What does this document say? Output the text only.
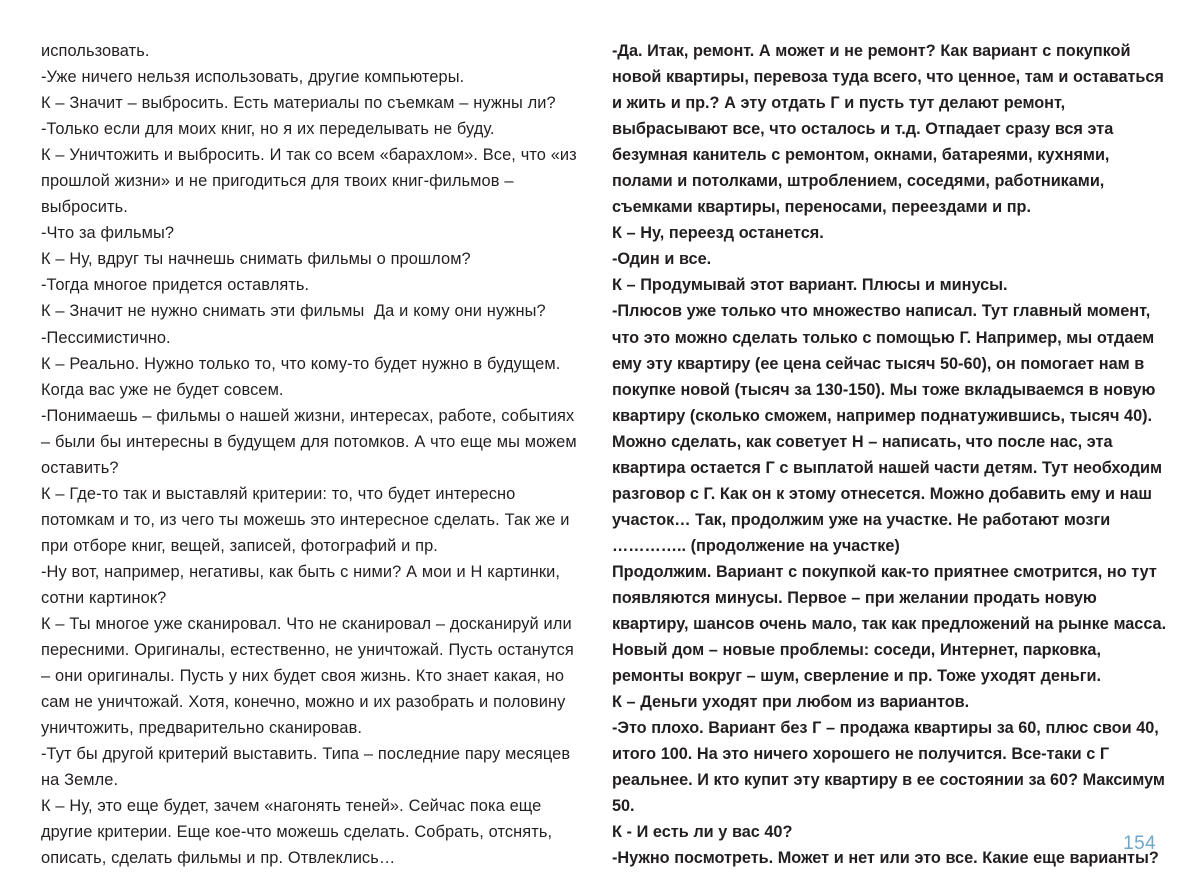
использовать.

-Уже ничего нельзя использовать, другие компьютеры.

К – Значит – выбросить. Есть материалы по съемкам – нужны ли?

-Только если для моих книг, но я их переделывать не буду.

К – Уничтожить и выбросить. И так со всем «барахлом». Все, что «из прошлой жизни» и не пригодиться для твоих книг-фильмов – выбросить.

-Что за фильмы?

К – Ну, вдруг ты начнешь снимать фильмы о прошлом?

-Тогда многое придется оставлять.

К – Значит не нужно снимать эти фильмы  Да и кому они нужны?

-Пессимистично.

К – Реально. Нужно только то, что кому-то будет нужно в будущем. Когда вас уже не будет совсем.

-Понимаешь – фильмы о нашей жизни, интересах, работе, событиях – были бы интересны в будущем для потомков. А что еще мы можем оставить?

К – Где-то так и выставляй критерии: то, что будет интересно потомкам и то, из чего ты можешь это интересное сделать. Так же и при отборе книг, вещей, записей, фотографий и пр.

-Ну вот, например, негативы, как быть с ними? А мои и Н картинки, сотни картинок?

К – Ты многое уже сканировал. Что не сканировал – досканируй или пересними. Оригиналы, естественно, не уничтожай. Пусть останутся – они оригиналы. Пусть у них будет своя жизнь. Кто знает какая, но сам не уничтожай. Хотя, конечно, можно и их разобрать и половину уничтожить, предварительно сканировав.

-Тут бы другой критерий выставить. Типа – последние пару месяцев на Земле.

К – Ну, это еще будет, зачем «нагонять теней». Сейчас пока еще другие критерии. Еще кое-что можешь сделать. Собрать, отснять, описать, сделать фильмы и пр. Отвлеклись…

-Да. Итак, ремонт. А может и не ремонт? Как вариант с покупкой новой квартиры, перевоза туда всего, что ценное, там и оставаться и жить и пр.? А эту отдать Г и пусть тут делают ремонт, выбрасывают все, что осталось и т.д. Отпадает сразу вся эта безумная канитель с ремонтом, окнами, батареями, кухнями, полами и потолками, штроблением, соседями, работниками, съемками квартиры, переносами, переездами и пр.

К – Ну, переезд останется.

-Один и все.

К – Продумывай этот вариант. Плюсы и минусы.

-Плюсов уже только что множество написал. Тут главный момент, что это можно сделать только с помощью Г. Например, мы отдаем ему эту квартиру (ее цена сейчас тысяч 50-60), он помогает нам в покупке новой (тысяч за 130-150). Мы тоже вкладываемся в новую квартиру (сколько сможем, например поднатужившись, тысяч 40). Можно сделать, как советует Н – написать, что после нас, эта квартира остается Г с выплатой нашей части детям. Тут необходим разговор с Г. Как он к этому отнесется. Можно добавить ему и наш участок… Так, продолжим уже на участке. Не работают мозги

………….. (продолжение на участке)

Продолжим. Вариант с покупкой как-то приятнее смотрится, но тут появляются минусы. Первое – при желании продать новую квартиру, шансов очень мало, так как предложений на рынке масса. Новый дом – новые проблемы: соседи, Интернет, парковка, ремонты вокруг – шум, сверление и пр. Тоже уходят деньги.

К – Деньги уходят при любом из вариантов.

-Это плохо. Вариант без Г – продажа квартиры за 60, плюс свои 40, итого 100. На это ничего хорошего не получится. Все-таки с Г реальнее. И кто купит эту квартиру в ее состоянии за 60? Максимум 50.

К - И есть ли у вас 40?

-Нужно посмотреть. Может и нет или это все. Какие еще варианты?

154
